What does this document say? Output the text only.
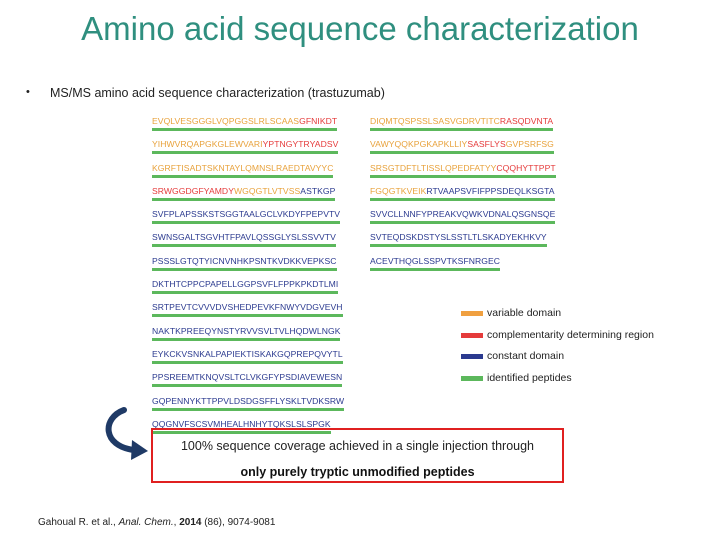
Amino acid sequence characterization
• MS/MS amino acid sequence characterization (trastuzumab)
EVQLVESGGGLVQPGGSLRLSCAASGFNIKDT
YIHWVRQAPGKGLEWVARIYPTNGYTRYADSV
KGRFTISADTSKNTAYLQMNSLRAEDTAVYYC
SRWGGDGFYAMDYWGQGTLVTVSSASTKGP
SVFPLAPSSKSTSGGTAALGCLVKDYFPEPVTV
SWNSGALTSGVHTFPAVLQSSGLYSLSSVVTV
PSSSLGTQTYICNVNHKPSNTKVDKKVEPKSC
DKTHTCPPCPAPELLGGPSVFLFPPKPKDTLMI
SRTPEVTCVVVDVSHEDPEVKFNWYVDGVEVH
NAKTKPREEQYNSTYRVVSVLTVLHQDWLNGK
EYKCKVSNKALPAPIEKTISKAKGQPREPQVYTL
PPSREEMTKNQVSLTCLVKGFYPSDIAVEWESN
GQPENNYKTTPPVLDSDGSFFLYSKLTVDKSRW
QQGNVFSCSVMHEALHNHYTQKSLSLSPGK
DIQMTQSPSSLSASVGDRVTITCRASQDVNTA
VAWYQQKPGKAPKLLIYSASFLYSGVPSRFSG
SRSGTDFTLTISSLQPEDFATYYCQQHYTTPPT
FGQGTKVEIKRTVAAPSVFIFPPSDEQLKSGTA
SVVCLLNNFYPREAKVQWKVDNALQSGNSQE
SVTEQDSKDSTYSLSSTLTLSKADYEKHKVY
ACEVTHQGLSSPVTKSFNRGEC
variable domain
complementarity determining region
constant domain
identified peptides
100% sequence coverage achieved in a single injection through
only purely tryptic unmodified peptides
Gahoual R. et al., Anal. Chem., 2014 (86), 9074-9081
